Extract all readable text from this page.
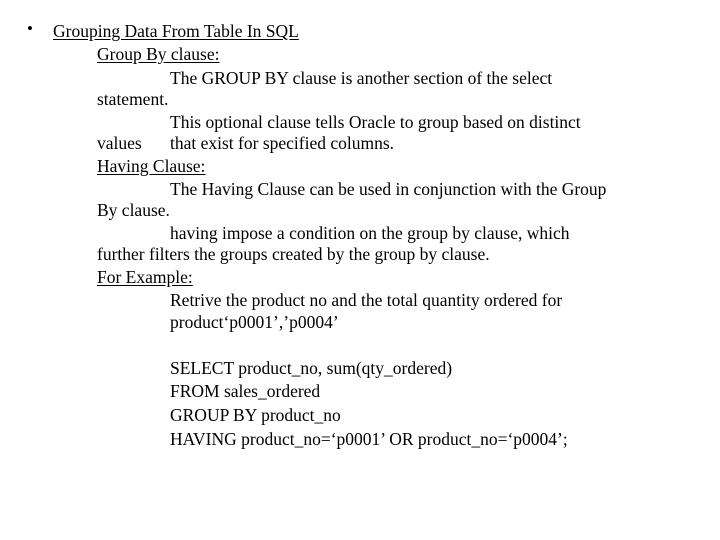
• Grouping Data From Table In SQL
Group By clause:
The GROUP BY clause is another section of the select
statement.
This optional clause tells Oracle to group based on distinct
values that exist for specified columns.
Having Clause:
The Having Clause can be used in conjunction with the Group
By clause.
having impose a condition on the group by clause, which
further filters the groups created by the group by clause.
For Example:
Retrive the product no and the total quantity ordered for
product‘p0001’,’p0004’
SELECT product_no, sum(qty_ordered)
FROM sales_ordered
GROUP BY product_no
HAVING product_no=‘p0001’ OR product_no=‘p0004’;
